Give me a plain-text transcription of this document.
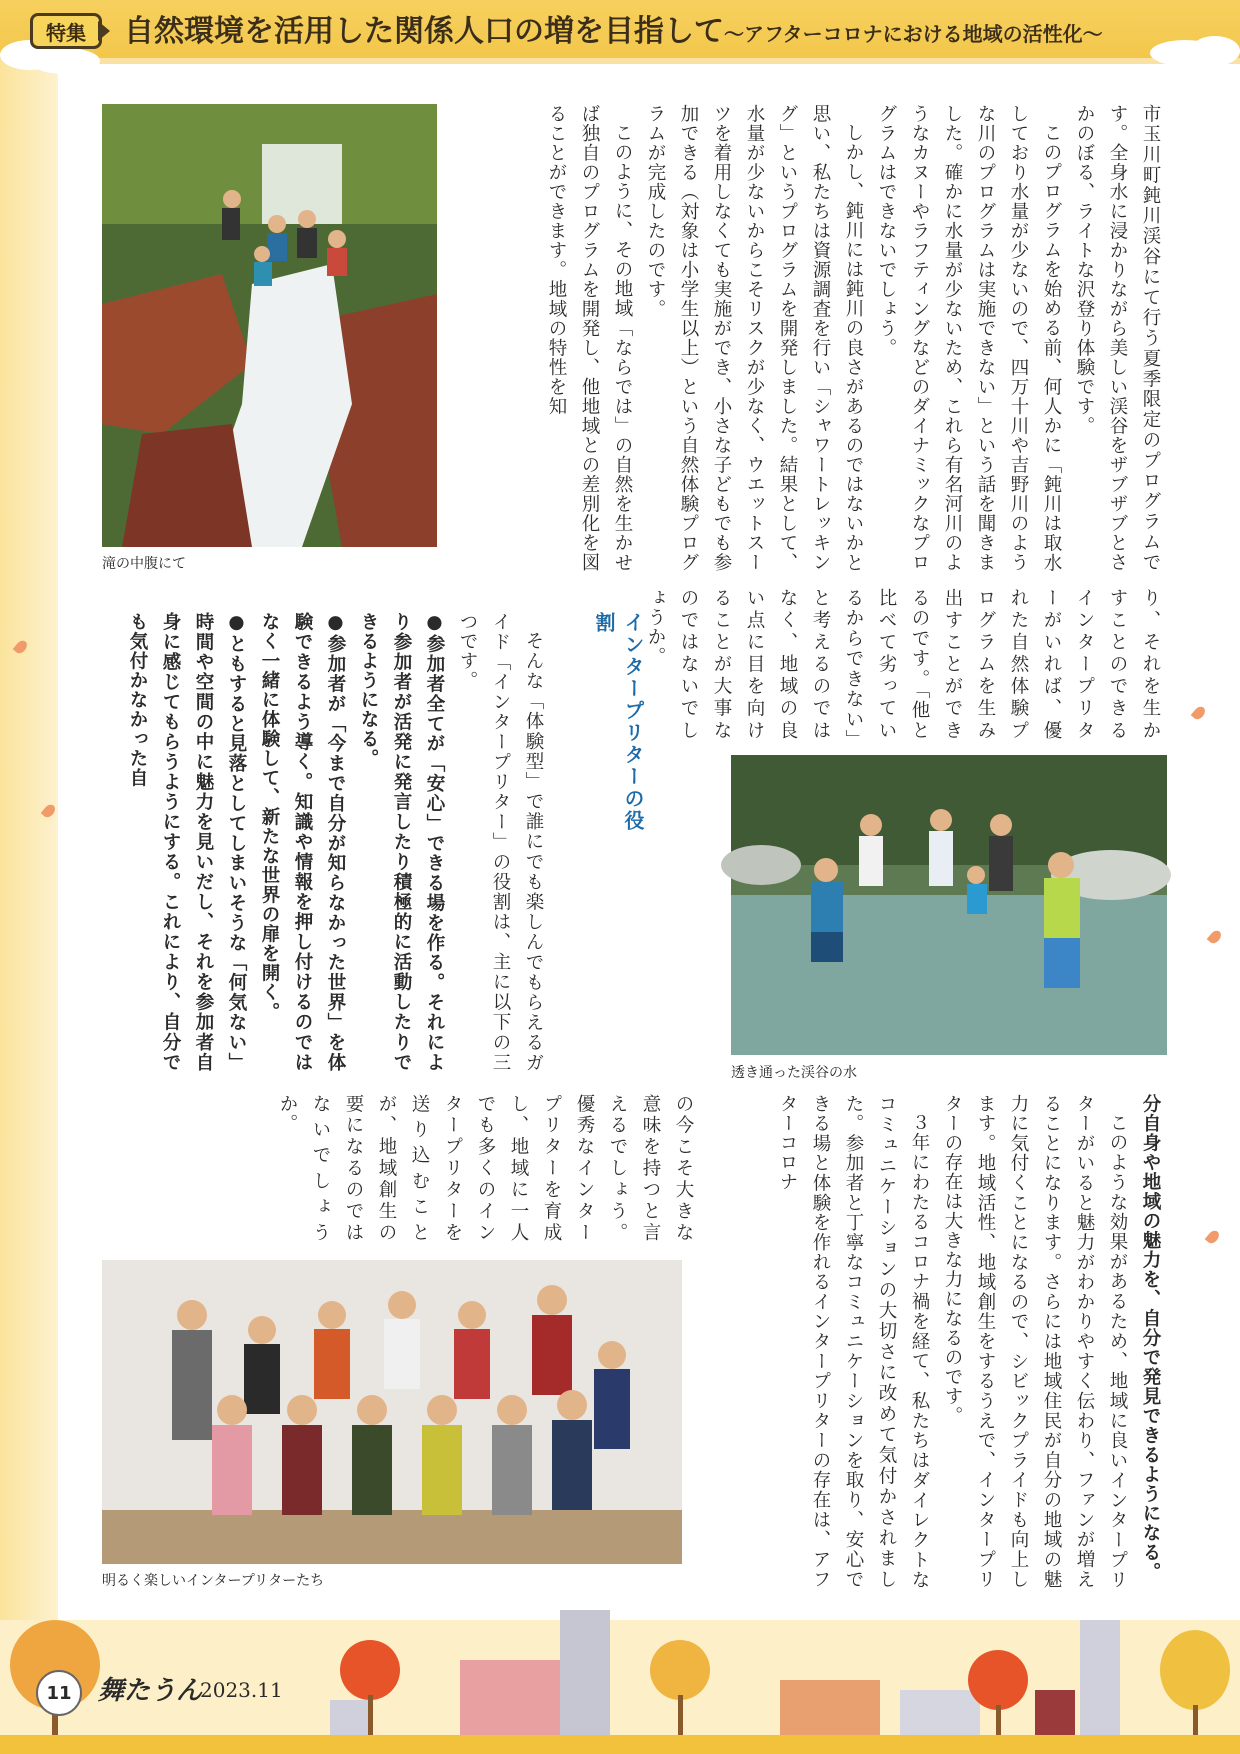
特集	自然環境を活用した関係人口の増を目指して〜アフターコロナにおける地域の活性化〜
滝の中腹にて	市玉川町鈍川渓谷にて行う夏季限定のプログラムです。全身水に浸かりながら美しい渓谷をザブザブとさかのぼる、ライトな沢登り体験です。

このプログラムを始める前、何人かに「鈍川は取水しており水量が少ないので、四万十川や吉野川のような川のプログラムは実施できない」という話を聞きました。確かに水量が少ないため、これら有名河川のようなカヌーやラフティングなどのダイナミックなプログラムはできないでしょう。

しかし、鈍川には鈍川の良さがあるのではないかと思い、私たちは資源調査を行い「シャワートレッキング」というプログラムを開発しました。結果として、水量が少ないからこそリスクが少なく、ウエットスーツを着用しなくても実施ができ、小さな子どもでも参加できる（対象は小学生以上）という自然体験プログラムが完成したのです。

このように、その地域「ならでは」の自然を生かせば独自のプログラムを開発し、他地域との差別化を図ることができます。地域の特性を知

り、それを生かすことのできるインタープリターがいれば、優れた自然体験プログラムを生み出すことができるのです。「他と比べて劣っているからできない」と考えるのではなく、地域の良い点に目を向けることが大事なのではないでしょうか。

透き通った渓谷の水
インタープリターの役割

そんな「体験型」で誰にでも楽しんでもらえるガイド「インタープリター」の役割は、主に以下の三つです。

●参加者全てが「安心」できる場を作る。それにより参加者が活発に発言したり積極的に活動したりできるようになる。

●参加者が「今まで自分が知らなかった世界」を体験できるよう導く。知識や情報を押し付けるのではなく一緒に体験して、新たな世界の扉を開く。

●ともすると見落としてしまいそうな「何気ない」時間や空間の中に魅力を見いだし、それを参加者自身に感じてもらうようにする。これにより、自分でも気付かなかった自

分自身や地域の魅力を、自分で発見できるようになる。

このような効果があるため、地域に良いインタープリターがいると魅力がわかりやすく伝わり、ファンが増えることになります。さらには地域住民が自分の地域の魅力に気付くことになるので、シビックプライドも向上します。地域活性、地域創生をするうえで、インタープリターの存在は大きな力になるのです。

３年にわたるコロナ禍を経て、私たちはダイレクトなコミュニケーションの大切さに改めて気付かされました。参加者と丁寧なコミュニケーションを取り、安心できる場と体験を作れるインタープリターの存在は、アフターコロナ

の今こそ大きな意味を持つと言えるでしょう。優秀なインタープリターを育成し、地域に一人でも多くのインタープリターを送り込むことが、地域創生の要になるのではないでしょうか。

明るく楽しいインタープリターたち
11	舞たうん
2023.11
